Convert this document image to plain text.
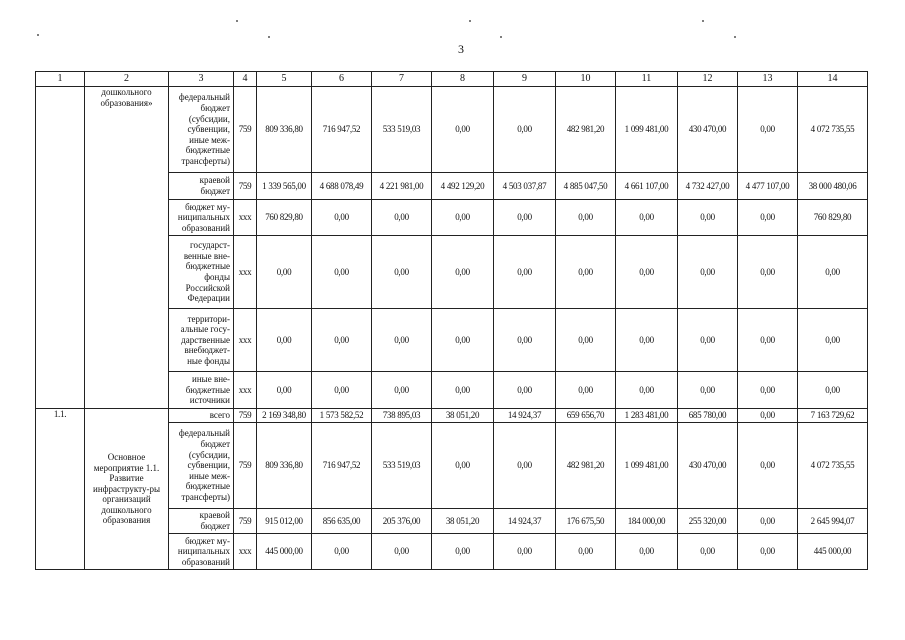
3
1	2	3	4	5	6	7	8	9	10	11	12	13	14
	дошкольного образования»	федеральный бюджет (субсидии, субвенции, иные меж-бюджетные трансферты)	759	809 336,80	716 947,52	533 519,03	0,00	0,00	482 981,20	1 099 481,00	430 470,00	0,00	4 072 735,55
		краевой бюджет	759	1 339 565,00	4 688 078,49	4 221 981,00	4 492 129,20	4 503 037,87	4 885 047,50	4 661 107,00	4 732 427,00	4 477 107,00	38 000 480,06
		бюджет му-ниципальных образований	xxx	760 829,80	0,00	0,00	0,00	0,00	0,00	0,00	0,00	0,00	760 829,80
		государст-венные вне-бюджетные фонды Российской Федерации	xxx	0,00	0,00	0,00	0,00	0,00	0,00	0,00	0,00	0,00	0,00
		территори-альные госу-дарственные внебюджет-ные фонды	xxx	0,00	0,00	0,00	0,00	0,00	0,00	0,00	0,00	0,00	0,00
		иные вне-бюджетные источники	xxx	0,00	0,00	0,00	0,00	0,00	0,00	0,00	0,00	0,00	0,00
1.1.	Основное мероприятие 1.1. Развитие инфраструкту-ры организаций дошкольного образования	всего	759	2 169 348,80	1 573 582,52	738 895,03	38 051,20	14 924,37	659 656,70	1 283 481,00	685 780,00	0,00	7 163 729,62
		федеральный бюджет (субсидии, субвенции, иные меж-бюджетные трансферты)	759	809 336,80	716 947,52	533 519,03	0,00	0,00	482 981,20	1 099 481,00	430 470,00	0,00	4 072 735,55
		краевой бюджет	759	915 012,00	856 635,00	205 376,00	38 051,20	14 924,37	176 675,50	184 000,00	255 320,00	0,00	2 645 994,07
		бюджет му-ниципальных образований	xxx	445 000,00	0,00	0,00	0,00	0,00	0,00	0,00	0,00	0,00	445 000,00
